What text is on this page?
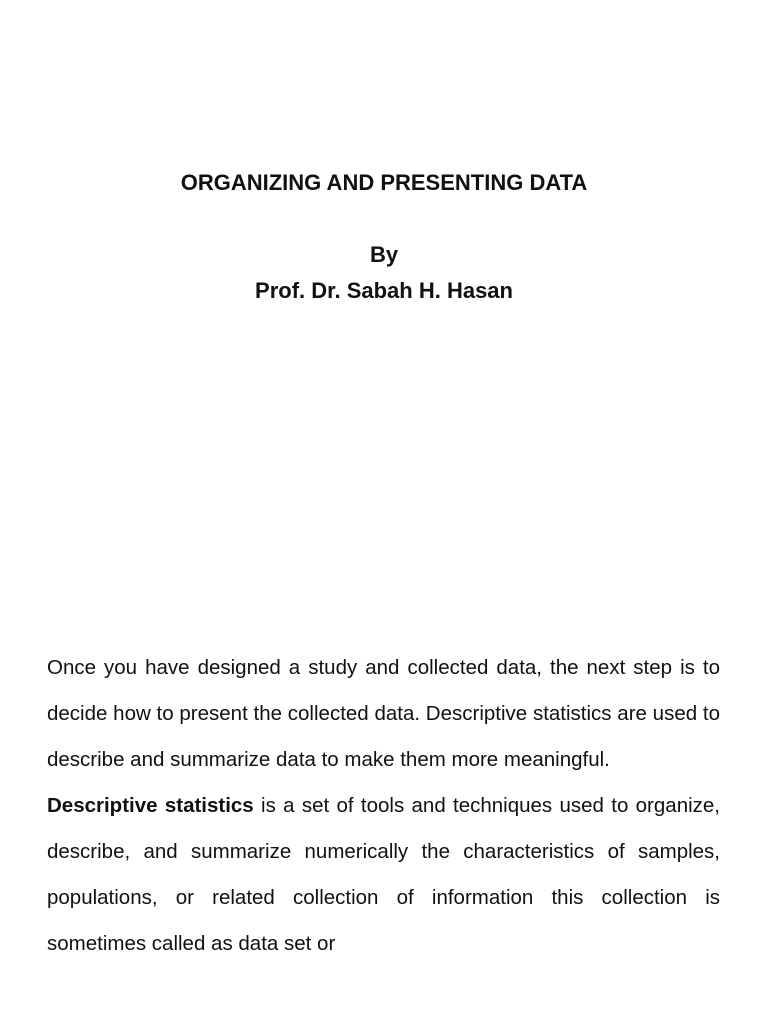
ORGANIZING AND PRESENTING DATA
By
Prof. Dr. Sabah H. Hasan

Once you have designed a study and collected data, the next step is to decide how to present the collected data. Descriptive statistics are used to describe and summarize data to make them more meaningful.

Descriptive statistics is a set of tools and techniques used to organize, describe, and summarize numerically the characteristics of samples, populations, or related collection of information this collection is sometimes called as data set or
